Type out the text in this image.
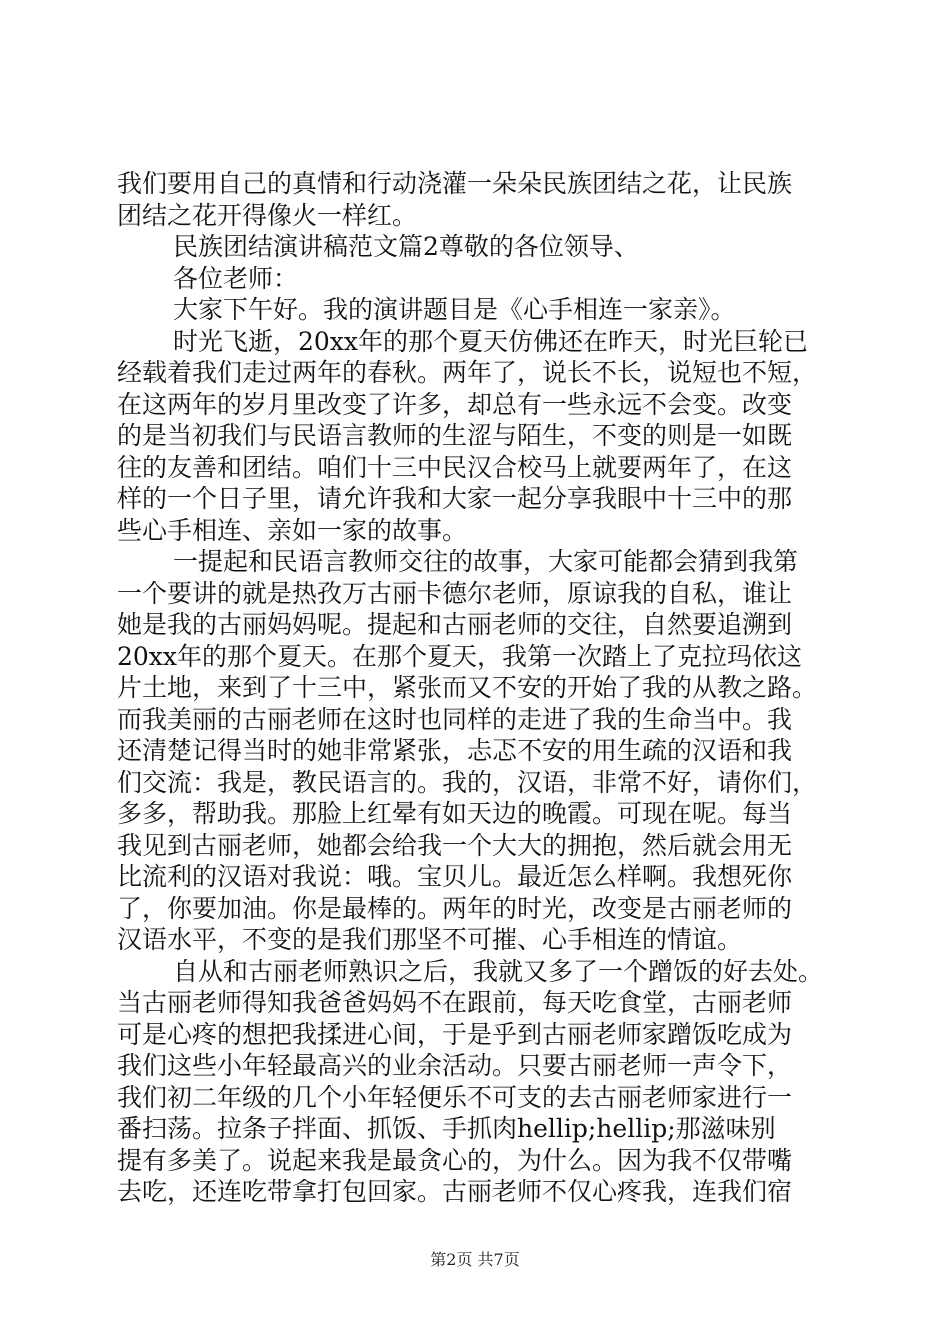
我们要用自己的真情和行动浇灌一朵朵民族团结之花，让民族
团结之花开得像火一样红。
民族团结演讲稿范文篇2尊敬的各位领导、
各位老师：
大家下午好。我的演讲题目是《心手相连一家亲》。
时光飞逝，20xx年的那个夏天仿佛还在昨天，时光巨轮已
经载着我们走过两年的春秋。两年了，说长不长，说短也不短，
在这两年的岁月里改变了许多，却总有一些永远不会变。改变
的是当初我们与民语言教师的生涩与陌生，不变的则是一如既
往的友善和团结。咱们十三中民汉合校马上就要两年了，在这
样的一个日子里，请允许我和大家一起分享我眼中十三中的那
些心手相连、亲如一家的故事。
一提起和民语言教师交往的故事，大家可能都会猜到我第
一个要讲的就是热孜万古丽卡德尔老师，原谅我的自私，谁让
她是我的古丽妈妈呢。提起和古丽老师的交往，自然要追溯到
20xx年的那个夏天。在那个夏天，我第一次踏上了克拉玛依这
片土地，来到了十三中，紧张而又不安的开始了我的从教之路。
而我美丽的古丽老师在这时也同样的走进了我的生命当中。我
还清楚记得当时的她非常紧张，忐忑不安的用生疏的汉语和我
们交流：我是，教民语言的。我的，汉语，非常不好，请你们，
多多，帮助我。那脸上红晕有如天边的晚霞。可现在呢。每当
我见到古丽老师，她都会给我一个大大的拥抱，然后就会用无
比流利的汉语对我说：哦。宝贝儿。最近怎么样啊。我想死你
了，你要加油。你是最棒的。两年的时光，改变是古丽老师的
汉语水平，不变的是我们那坚不可摧、心手相连的情谊。
自从和古丽老师熟识之后，我就又多了一个蹭饭的好去处。
当古丽老师得知我爸爸妈妈不在跟前，每天吃食堂，古丽老师
可是心疼的想把我揉进心间，于是乎到古丽老师家蹭饭吃成为
我们这些小年轻最高兴的业余活动。只要古丽老师一声令下，
我们初二年级的几个小年轻便乐不可支的去古丽老师家进行一
番扫荡。拉条子拌面、抓饭、手抓肉hellip;hellip;那滋味别
提有多美了。说起来我是最贪心的，为什么。因为我不仅带嘴
去吃，还连吃带拿打包回家。古丽老师不仅心疼我，连我们宿
第2页 共7页
